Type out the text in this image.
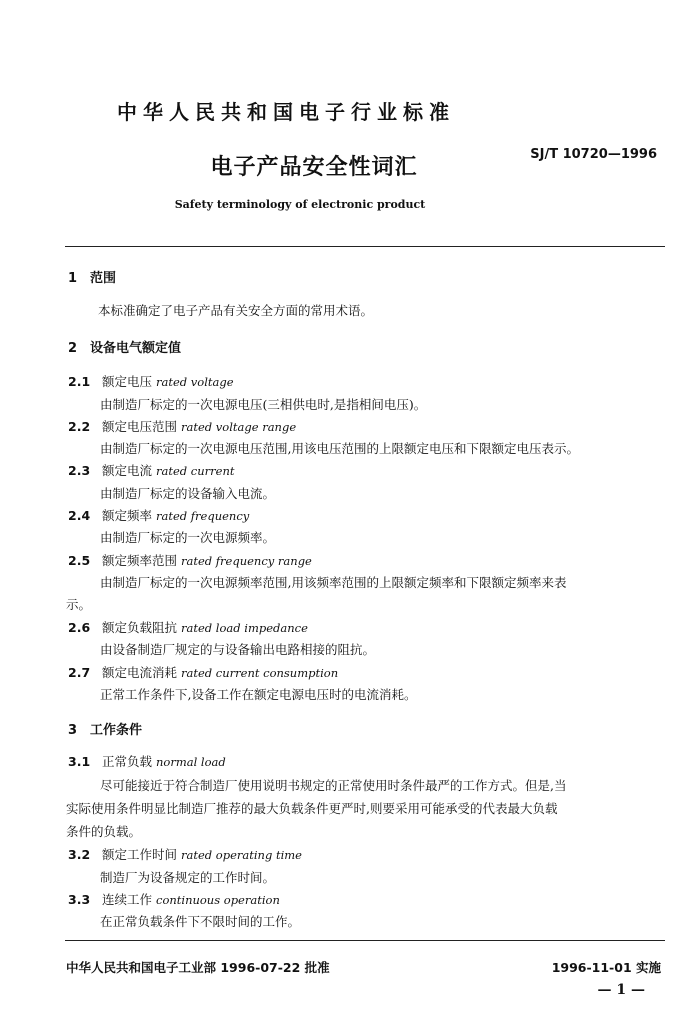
中华人民共和国电子行业标准
SJ/T 10720—1996
电子产品安全性词汇
Safety terminology of electronic product
1 范围
本标准确定了电子产品有关安全方面的常用术语。
2 设备电气额定值
2.1 额定电压 rated voltage
由制造厂标定的一次电源电压(三相供电时,是指相间电压)。
2.2 额定电压范围 rated voltage range
由制造厂标定的一次电源电压范围,用该电压范围的上限额定电压和下限额定电压表示。
2.3 额定电流 rated current
由制造厂标定的设备输入电流。
2.4 额定频率 rated frequency
由制造厂标定的一次电源频率。
2.5 额定频率范围 rated frequency range
由制造厂标定的一次电源频率范围,用该频率范围的上限额定频率和下限额定频率来表
示。
2.6 额定负载阻抗 rated load impedance
由设备制造厂规定的与设备输出电路相接的阻抗。
2.7 额定电流消耗 rated current consumption
正常工作条件下,设备工作在额定电源电压时的电流消耗。
3 工作条件
3.1 正常负载 normal load
尽可能接近于符合制造厂使用说明书规定的正常使用时条件最严的工作方式。但是,当
实际使用条件明显比制造厂推荐的最大负载条件更严时,则要采用可能承受的代表最大负载
条件的负载。
3.2 额定工作时间 rated operating time
制造厂为设备规定的工作时间。
3.3 连续工作 continuous operation
在正常负载条件下不限时间的工作。
中华人民共和国电子工业部 1996-07-22 批准	1996-11-01 实施
— 1 —
